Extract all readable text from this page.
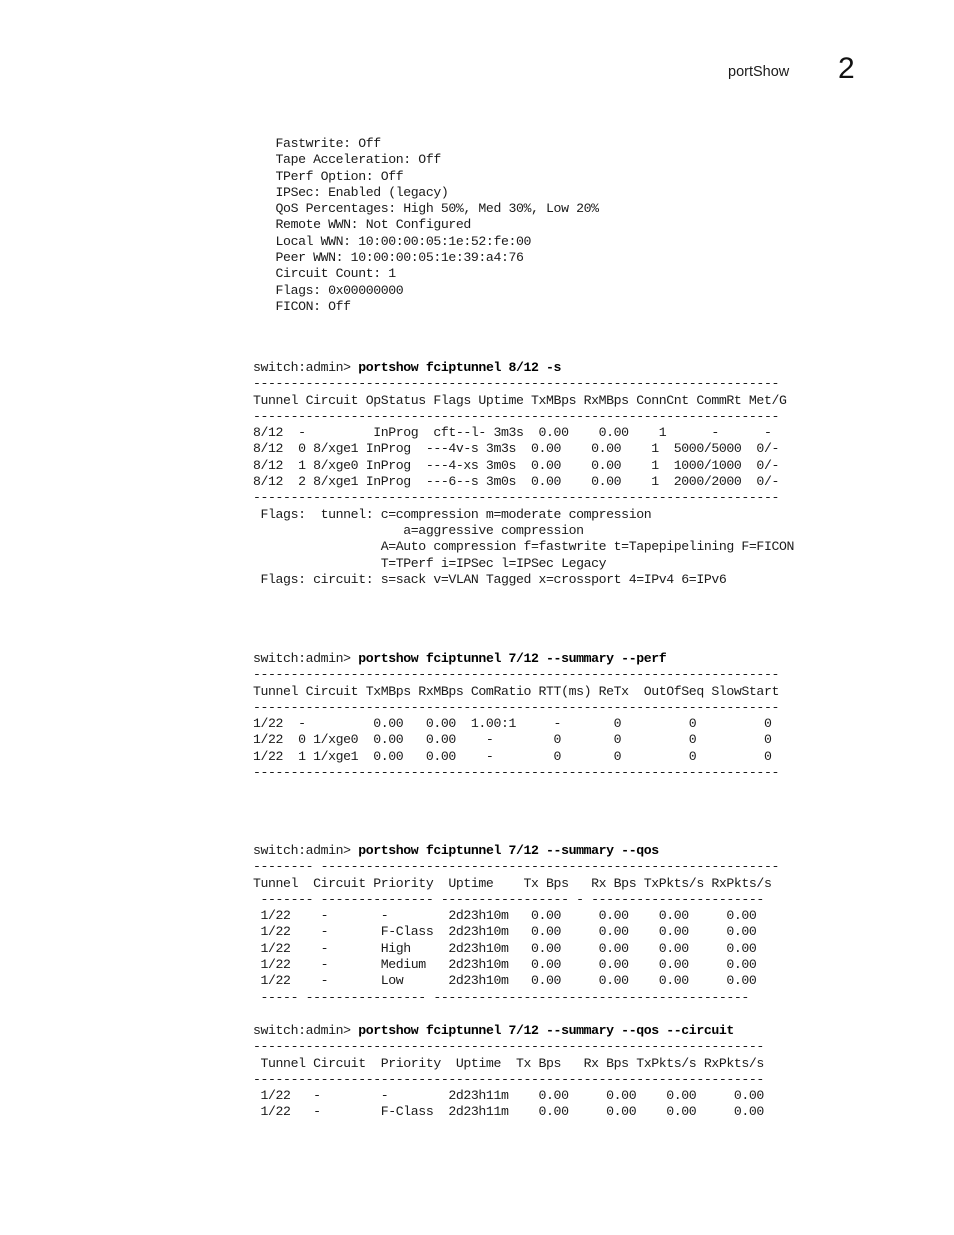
portShow 2
Fastwrite: Off
Tape Acceleration: Off
TPerf Option: Off
IPSec: Enabled (legacy)
QoS Percentages: High 50%, Med 30%, Low 20%
Remote WWN: Not Configured
Local WWN: 10:00:00:05:1e:52:fe:00
Peer WWN: 10:00:00:05:1e:39:a4:76
Circuit Count: 1
Flags: 0x00000000
FICON: Off
switch:admin> portshow fciptunnel 8/12 -s
----------------------------------------------------------------------
Tunnel Circuit OpStatus Flags Uptime TxMBps RxMBps ConnCnt CommRt Met/G
----------------------------------------------------------------------
8/12  -         InProg  cft--l- 3m3s  0.00    0.00    1      -      -
8/12  0 8/xge1 InProg  ---4v-s 3m3s  0.00    0.00    1  5000/5000  0/-
8/12  1 8/xge0 InProg  ---4-xs 3m0s  0.00    0.00    1  1000/1000  0/-
8/12  2 8/xge1 InProg  ---6--s 3m0s  0.00    0.00    1  2000/2000  0/-
----------------------------------------------------------------------
Flags:  tunnel: c=compression m=moderate compression
a=aggressive compression
A=Auto compression f=fastwrite t=Tapepipelining F=FICON
T=TPerf i=IPSec l=IPSec Legacy
Flags: circuit: s=sack v=VLAN Tagged x=crossport 4=IPv4 6=IPv6
switch:admin> portshow fciptunnel 7/12 --summary --perf
----------------------------------------------------------------------
Tunnel Circuit TxMBps RxMBps ComRatio RTT(ms) ReTx  OutOfSeq SlowStart
----------------------------------------------------------------------
1/22  -         0.00   0.00  1.00:1     -       0         0         0
1/22  0 1/xge0  0.00   0.00    -        0       0         0         0
1/22  1 1/xge1  0.00   0.00    -        0       0         0         0
----------------------------------------------------------------------
switch:admin> portshow fciptunnel 7/12 --summary --qos
-------- -------------------------------------------------------------
Tunnel  Circuit Priority  Uptime    Tx Bps   Rx Bps TxPkts/s RxPkts/s
------- --------------- ----------------- - -----------------------
1/22    -       -        2d23h10m   0.00     0.00    0.00     0.00
1/22    -       F-Class  2d23h10m   0.00     0.00    0.00     0.00
1/22    -       High     2d23h10m   0.00     0.00    0.00     0.00
1/22    -       Medium   2d23h10m   0.00     0.00    0.00     0.00
1/22    -       Low      2d23h10m   0.00     0.00    0.00     0.00
----- ---------------- ------------------------------------------
switch:admin> portshow fciptunnel 7/12 --summary --qos --circuit
--------------------------------------------------------------------
Tunnel Circuit  Priority  Uptime  Tx Bps   Rx Bps TxPkts/s RxPkts/s
--------------------------------------------------------------------
1/22   -        -        2d23h11m    0.00     0.00    0.00     0.00
1/22   -        F-Class  2d23h11m    0.00     0.00    0.00     0.00
